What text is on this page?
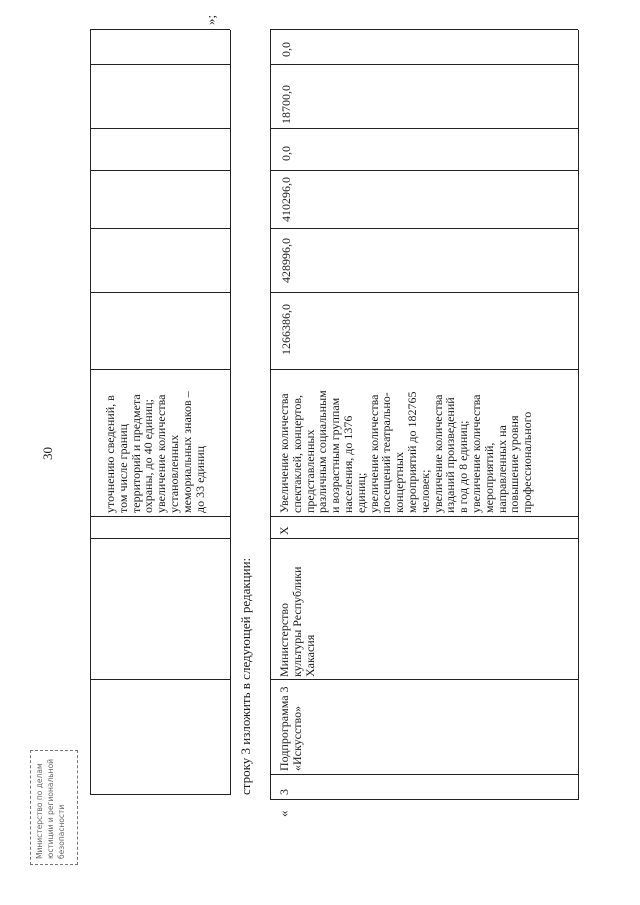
30
»;
уточнению сведений, в
том числе границ
территорий и предмета
охраны, до 40 единиц;
увеличение количества
установленных
мемориальных знаков –
до 33 единиц
строку 3 изложить в следующей редакции:
«
3
Подпрограмма 3
«Искусство»
Министерство
культуры Республики
Хакасия
Х
Увеличение количества
спектаклей, концертов,
представленных
различным социальным
и возрастным группам
населения, до 1376
единиц;
увеличение количества
посещений театрально-
концертных
мероприятий до 182765
человек;
увеличение количества
изданий произведений
в год до 8 единиц;
увеличение количества
мероприятий,
направленных на
повышение уровня
профессионального
1266386,0
428996,0
410296,0
0,0
18700,0
0,0
Министерство по делам
юстиции и региональной
безопасности
